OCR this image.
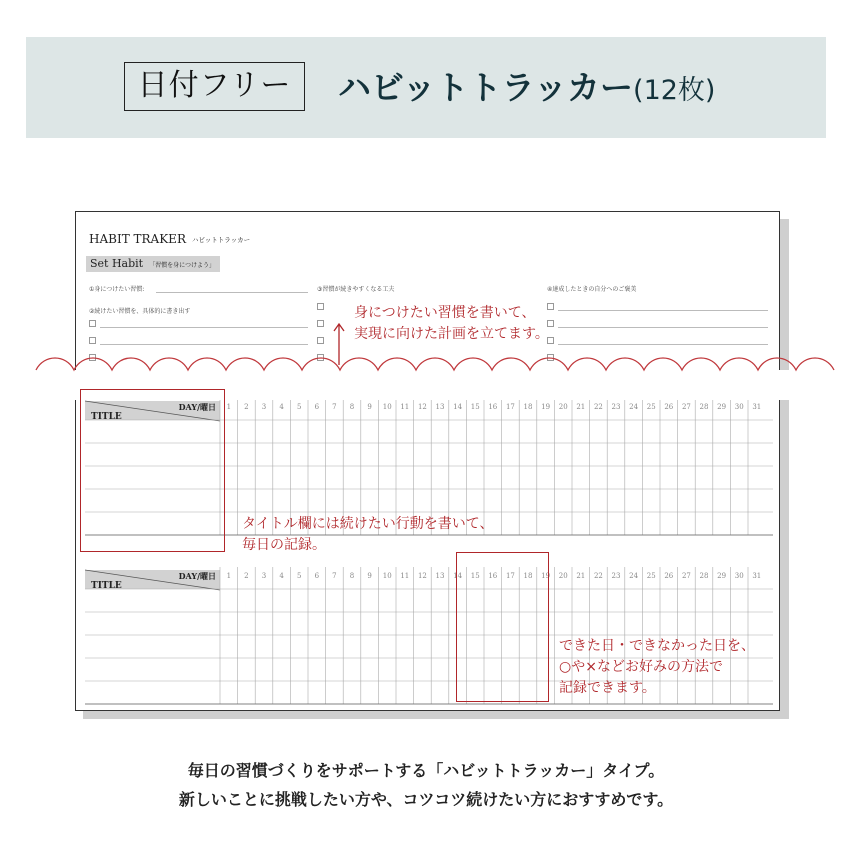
日付フリー	ハビットトラッカー(12枚)
HABIT TRAKER ハビットトラッカー
Set Habit 「習慣を身につけよう」
①身につけたい習慣:
②続けたい習慣を、具体的に書き出す
③習慣が続きやすくなる工夫	④達成したときの自分へのご褒美
DAY/曜日
TITLE
1 2 3 4 5 6 7 8 9 10 11 12 13 14 15 16 17 18 19 20 21 22 23 24 25 26 27 28 29 30 31
DAY/曜日
TITLE
1 2 3 4 5 6 7 8 9 10 11 12 13 14 15 16 17 18 19 20 21 22 23 24 25 26 27 28 29 30 31
身につけたい習慣を書いて、
実現に向けた計画を立てます。
タイトル欄には続けたい行動を書いて、
毎日の記録。
できた日・できなかった日を、
○や×などお好みの方法で
記録できます。
毎日の習慣づくりをサポートする「ハビットトラッカー」タイプ。
新しいことに挑戦したい方や、コツコツ続けたい方におすすめです。
